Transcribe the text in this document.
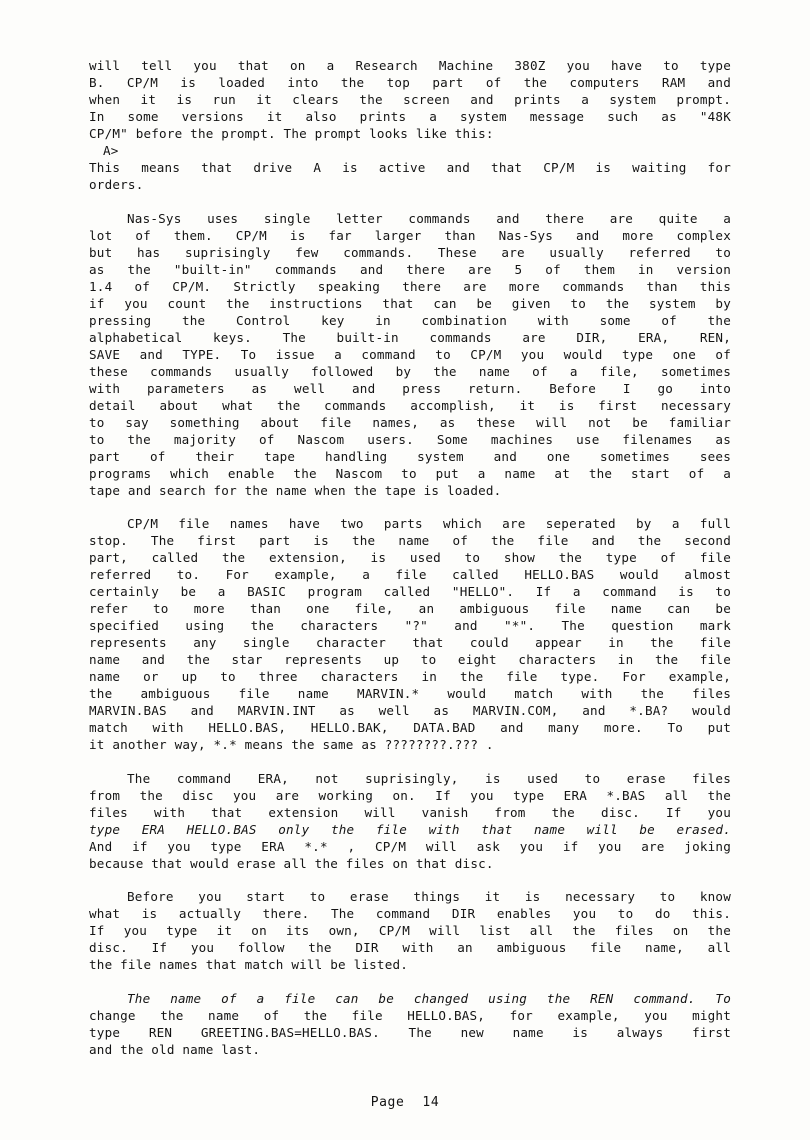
will tell you that on a Research Machine 380Z you have to type
B. CP/M is loaded into the top part of the computers RAM and
when it is run it clears the screen and prints a system prompt.
In some versions it also prints a system message such as "48K
CP/M" before the prompt. The prompt looks like this:
A>
This means that drive A is active and that CP/M is waiting for
orders.
Nas-Sys uses single letter commands and there are quite a
lot of them. CP/M is far larger than Nas-Sys and more complex
but has suprisingly few commands. These are usually referred to
as the "built-in" commands and there are 5 of them in version
1.4 of CP/M. Strictly speaking there are more commands than this
if you count the instructions that can be given to the system by
pressing the Control key in combination with some of the
alphabetical keys. The built-in commands are DIR, ERA, REN,
SAVE and TYPE. To issue a command to CP/M you would type one of
these commands usually followed by the name of a file, sometimes
with parameters as well and press return. Before I go into
detail about what the commands accomplish, it is first necessary
to say something about file names, as these will not be familiar
to the majority of Nascom users. Some machines use filenames as
part of their tape handling system and one sometimes sees
programs which enable the Nascom to put a name at the start of a
tape and search for the name when the tape is loaded.
CP/M file names have two parts which are seperated by a full
stop. The first part is the name of the file and the second
part, called the extension, is used to show the type of file
referred to. For example, a file called HELLO.BAS would almost
certainly be a BASIC program called "HELLO". If a command is to
refer to more than one file, an ambiguous file name can be
specified using the characters "?" and "*". The question mark
represents any single character that could appear in the file
name and the star represents up to eight characters in the file
name or up to three characters in the file type. For example,
the ambiguous file name MARVIN.* would match with the files
MARVIN.BAS and MARVIN.INT as well as MARVIN.COM, and *.BA? would
match with HELLO.BAS, HELLO.BAK, DATA.BAD and many more. To put
it another way, *.* means the same as ????????.??? .
The command ERA, not suprisingly, is used to erase files
from the disc you are working on. If you type ERA *.BAS all the
files with that extension will vanish from the disc. If you
type ERA HELLO.BAS only the file with that name will be erased.
And if you type ERA *.* , CP/M will ask you if you are joking
because that would erase all the files on that disc.
Before you start to erase things it is necessary to know
what is actually there. The command DIR enables you to do this.
If you type it on its own, CP/M will list all the files on the
disc. If you follow the DIR with an ambiguous file name, all
the file names that match will be listed.
The name of a file can be changed using the REN command. To
change the name of the file HELLO.BAS, for example, you might
type REN GREETING.BAS=HELLO.BAS. The new name is always first
and the old name last.
Page 14
